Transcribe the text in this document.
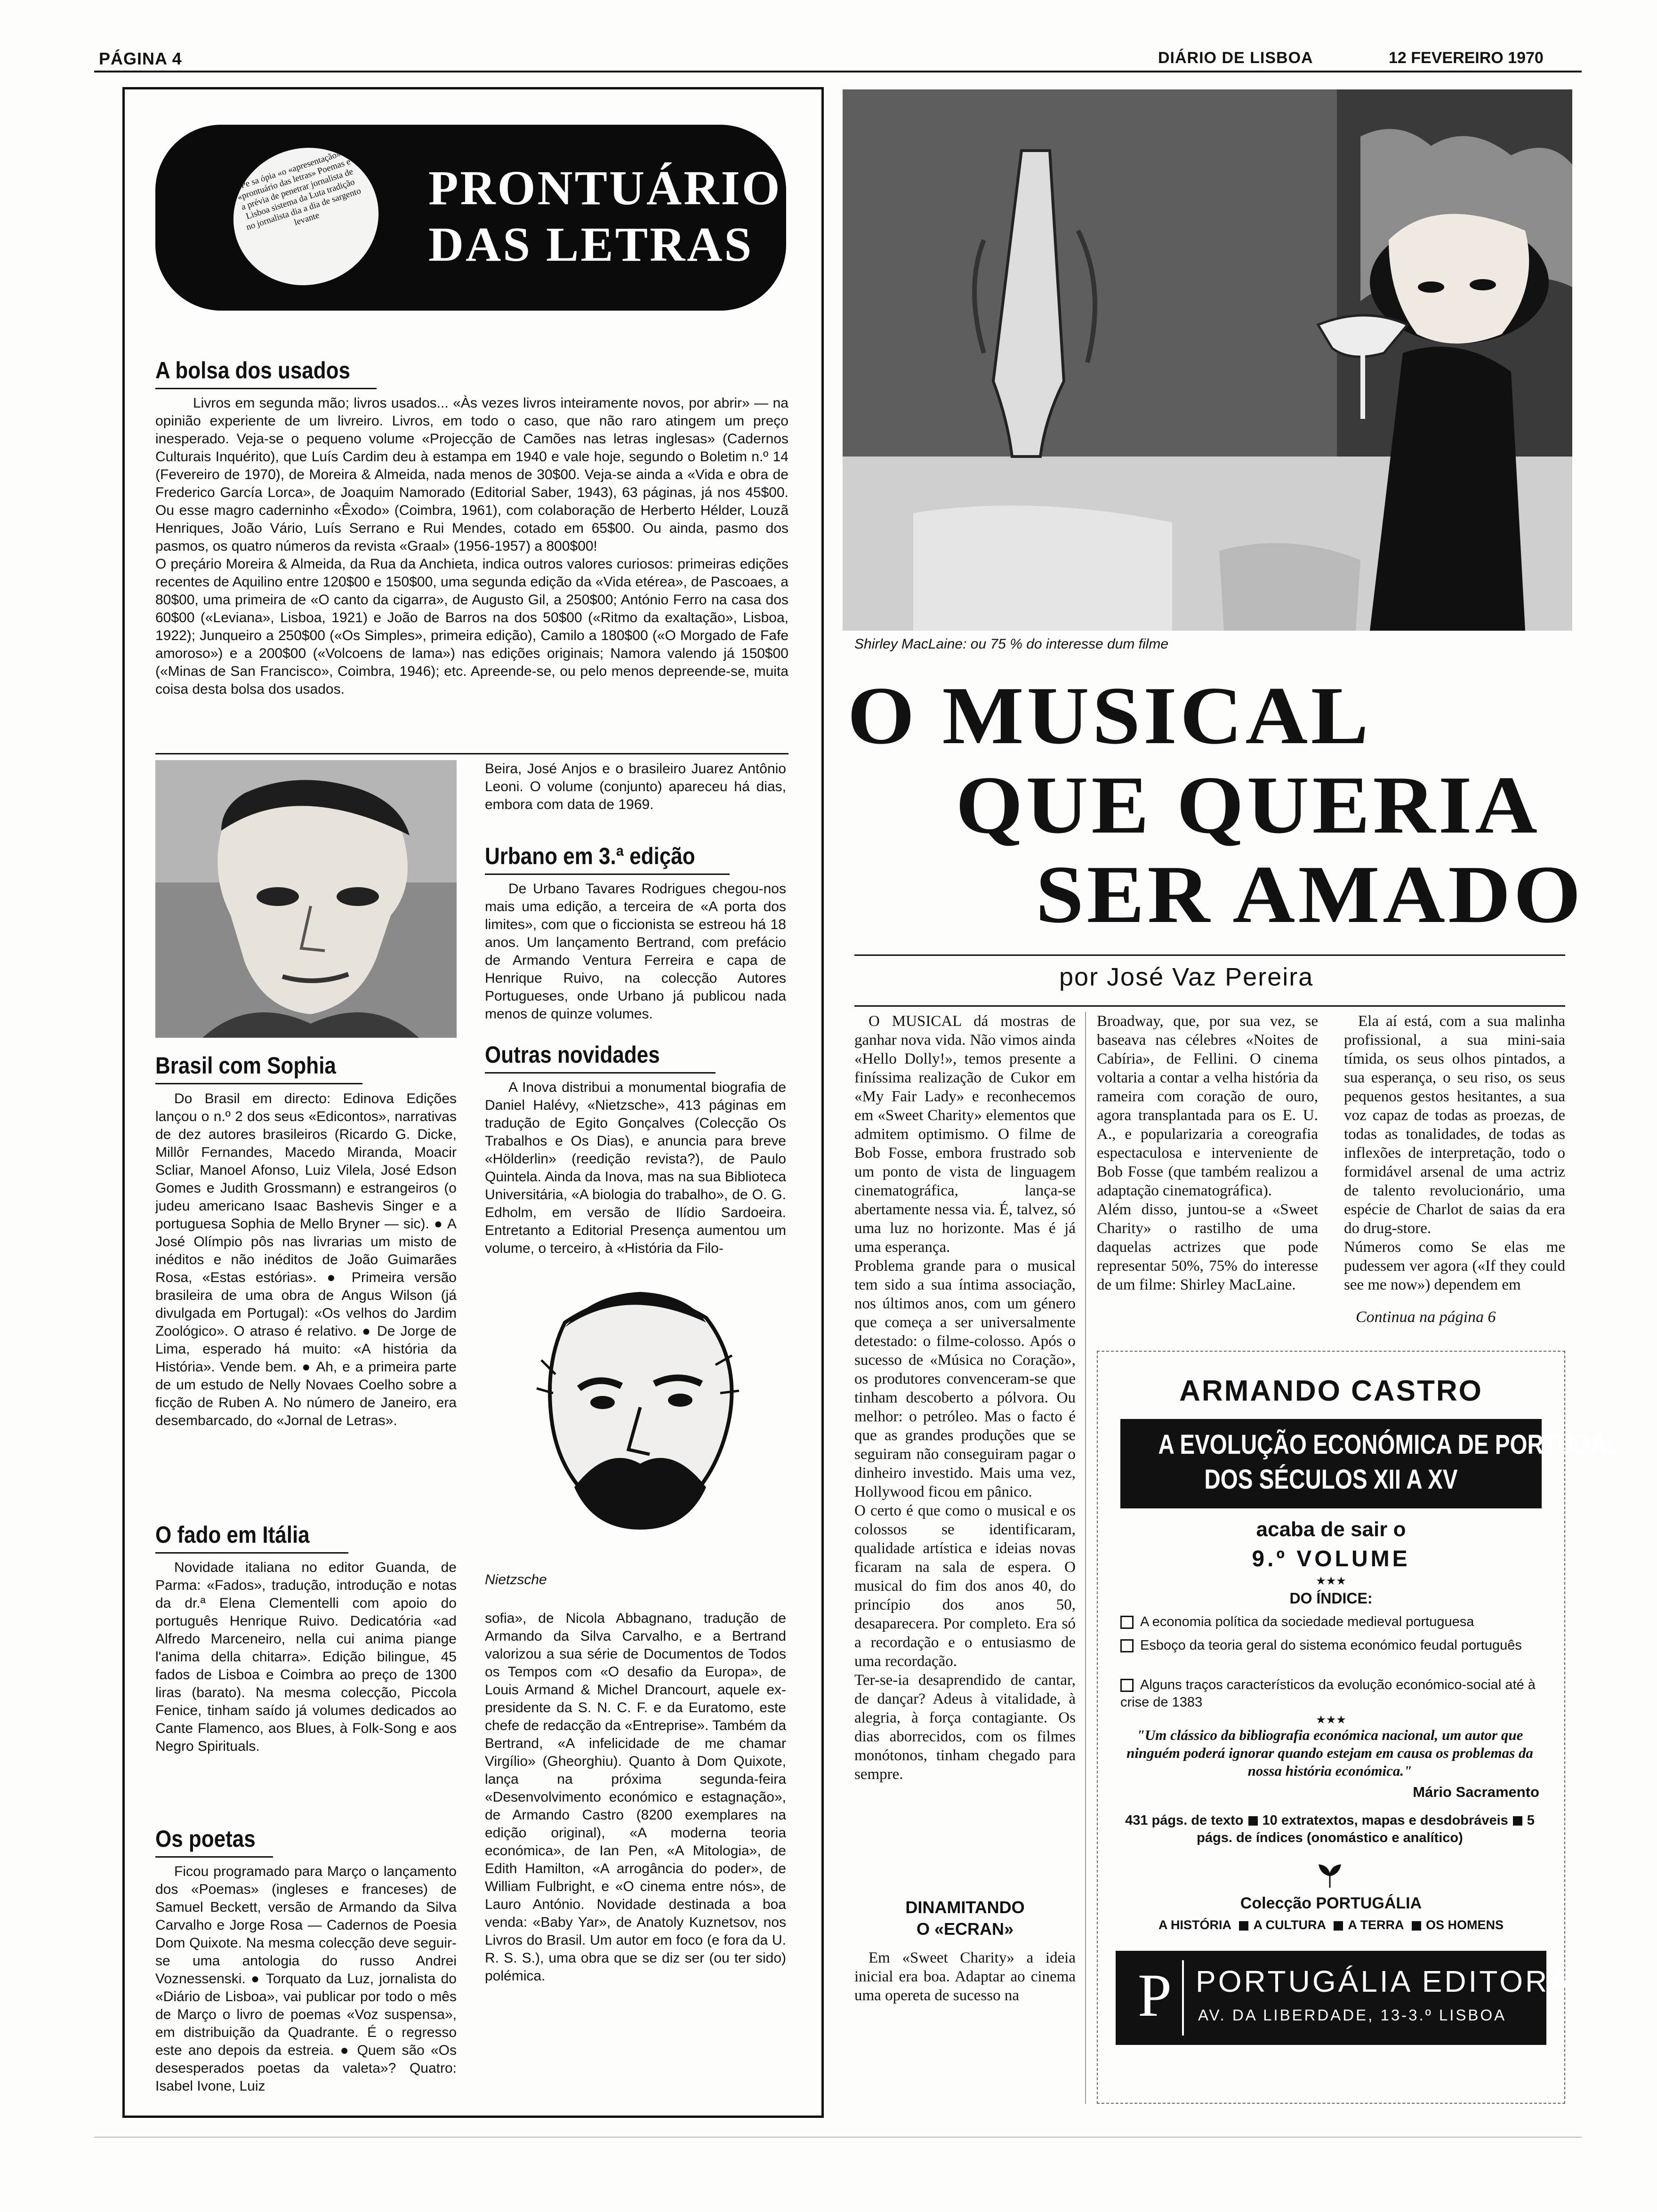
PÁGINA 4	DIÁRIO DE LISBOA	12 FEVEREIRO 1970
Pe sa ópia «o «apresentação» «prontuário das letras» Poemas e a prévia de penetrar jornalista de Lisboa sistema da Luta tradição no jornalista dia a dia de sargento levante
PRONTUÁRIO
DAS LETRAS
A bolsa dos usados
Livros em segunda mão; livros usados... «Às vezes livros inteiramente novos, por abrir» — na opinião experiente de um livreiro. Livros, em todo o caso, que não raro atingem um preço inesperado. Veja-se o pequeno volume «Projecção de Camões nas letras inglesas» (Cadernos Culturais Inquérito), que Luís Cardim deu à estampa em 1940 e vale hoje, segundo o Boletim n.º 14 (Fevereiro de 1970), de Moreira & Almeida, nada menos de 30$00. Veja-se ainda a «Vida e obra de Frederico García Lorca», de Joaquim Namorado (Editorial Saber, 1943), 63 páginas, já nos 45$00. Ou esse magro caderninho «Êxodo» (Coimbra, 1961), com colaboração de Herberto Hélder, Louzã Henriques, João Vário, Luís Serrano e Rui Mendes, cotado em 65$00. Ou ainda, pasmo dos pasmos, os quatro números da revista «Graal» (1956-1957) a 800$00!
O preçário Moreira & Almeida, da Rua da Anchieta, indica outros valores curiosos: primeiras edições recentes de Aquilino entre 120$00 e 150$00, uma segunda edição da «Vida etérea», de Pascoaes, a 80$00, uma primeira de «O canto da cigarra», de Augusto Gil, a 250$00; António Ferro na casa dos 60$00 («Leviana», Lisboa, 1921) e João de Barros na dos 50$00 («Ritmo da exaltação», Lisboa, 1922); Junqueiro a 250$00 («Os Simples», primeira edição), Camilo a 180$00 («O Morgado de Fafe amoroso») e a 200$00 («Volcoens de lama») nas edições originais; Namora valendo já 150$00 («Minas de San Francisco», Coimbra, 1946); etc. Apreende-se, ou pelo menos depreende-se, muita coisa desta bolsa dos usados.
Beira, José Anjos e o brasileiro Juarez Antônio Leoni. O volume (conjunto) apareceu há dias, embora com data de 1969.
Urbano em 3.ª edição
De Urbano Tavares Rodrigues chegou-nos mais uma edição, a terceira de «A porta dos limites», com que o ficcionista se estreou há 18 anos. Um lançamento Bertrand, com prefácio de Armando Ventura Ferreira e capa de Henrique Ruivo, na colecção Autores Portugueses, onde Urbano já publicou nada menos de quinze volumes.
Outras novidades
A Inova distribui a monumental biografia de Daniel Halévy, «Nietzsche», 413 páginas em tradução de Egito Gonçalves (Colecção Os Trabalhos e Os Dias), e anuncia para breve «Hölderlin» (reedição revista?), de Paulo Quintela. Ainda da Inova, mas na sua Biblioteca Universitária, «A biologia do trabalho», de O. G. Edholm, em versão de Ilídio Sardoeira. Entretanto a Editorial Presença aumentou um volume, o terceiro, à «História da Filo-
Nietzsche
sofia», de Nicola Abbagnano, tradução de Armando da Silva Carvalho, e a Bertrand valorizou a sua série de Documentos de Todos os Tempos com «O desafio da Europa», de Louis Armand & Michel Drancourt, aquele ex-presidente da S. N. C. F. e da Euratomo, este chefe de redacção da «Entreprise». Também da Bertrand, «A infelicidade de me chamar Virgílio» (Gheorghiu). Quanto à Dom Quixote, lança na próxima segunda-feira «Desenvolvimento económico e estagnação», de Armando Castro (8200 exemplares na edição original), «A moderna teoria económica», de Ian Pen, «A Mitologia», de Edith Hamilton, «A arrogância do poder», de William Fulbright, e «O cinema entre nós», de Lauro António. Novidade destinada a boa venda: «Baby Yar», de Anatoly Kuznetsov, nos Livros do Brasil. Um autor em foco (e fora da U. R. S. S.), uma obra que se diz ser (ou ter sido) polémica.
Brasil com Sophia
Do Brasil em directo: Edinova Edições lançou o n.º 2 dos seus «Edicontos», narrativas de dez autores brasileiros (Ricardo G. Dicke, Millôr Fernandes, Macedo Miranda, Moacir Scliar, Manoel Afonso, Luiz Vilela, José Edson Gomes e Judith Grossmann) e estrangeiros (o judeu americano Isaac Bashevis Singer e a portuguesa Sophia de Mello Bryner — sic). ● A José Olímpio pôs nas livrarias um misto de inéditos e não inéditos de João Guimarães Rosa, «Estas estórias». ● Primeira versão brasileira de uma obra de Angus Wilson (já divulgada em Portugal): «Os velhos do Jardim Zoológico». O atraso é relativo. ● De Jorge de Lima, esperado há muito: «A história da História». Vende bem. ● Ah, e a primeira parte de um estudo de Nelly Novaes Coelho sobre a ficção de Ruben A. No número de Janeiro, era desembarcado, do «Jornal de Letras».
O fado em Itália
Novidade italiana no editor Guanda, de Parma: «Fados», tradução, introdução e notas da dr.ª Elena Clementelli com apoio do português Henrique Ruivo. Dedicatória «ad Alfredo Marceneiro, nella cui anima piange l'anima della chitarra». Edição bilingue, 45 fados de Lisboa e Coimbra ao preço de 1300 liras (barato). Na mesma colecção, Piccola Fenice, tinham saído já volumes dedicados ao Cante Flamenco, aos Blues, à Folk-Song e aos Negro Spirituals.
Os poetas
Ficou programado para Março o lançamento dos «Poemas» (ingleses e franceses) de Samuel Beckett, versão de Armando da Silva Carvalho e Jorge Rosa — Cadernos de Poesia Dom Quixote. Na mesma colecção deve seguir-se uma antologia do russo Andrei Voznessenski. ● Torquato da Luz, jornalista do «Diário de Lisboa», vai publicar por todo o mês de Março o livro de poemas «Voz suspensa», em distribuição da Quadrante. É o regresso este ano depois da estreia. ● Quem são «Os desesperados poetas da valeta»? Quatro: Isabel Ivone, Luiz
Shirley MacLaine: ou 75 % do interesse dum filme
O MUSICAL
QUE QUERIA
SER AMADO
por José Vaz Pereira
O MUSICAL dá mostras de ganhar nova vida. Não vimos ainda «Hello Dolly!», temos presente a finíssima realização de Cukor em «My Fair Lady» e reconhecemos em «Sweet Charity» elementos que admitem optimismo. O filme de Bob Fosse, embora frustrado sob um ponto de vista de linguagem cinematográfica, lança-se abertamente nessa via. É, talvez, só uma luz no horizonte. Mas é já uma esperança.
Problema grande para o musical tem sido a sua íntima associação, nos últimos anos, com um género que começa a ser universalmente detestado: o filme-colosso. Após o sucesso de «Música no Coração», os produtores convenceram-se que tinham descoberto a pólvora. Ou melhor: o petróleo. Mas o facto é que as grandes produções que se seguiram não conseguiram pagar o dinheiro investido. Mais uma vez, Hollywood ficou em pânico.
O certo é que como o musical e os colossos se identificaram, qualidade artística e ideias novas ficaram na sala de espera. O musical do fim dos anos 40, do princípio dos anos 50, desaparecera. Por completo. Era só a recordação e o entusiasmo de uma recordação.
Ter-se-ia desaprendido de cantar, de dançar? Adeus à vitalidade, à alegria, à força contagiante. Os dias aborrecidos, com os filmes monótonos, tinham chegado para sempre.
DINAMITANDO
O «ECRAN»
Em «Sweet Charity» a ideia inicial era boa. Adaptar ao cinema uma opereta de sucesso na
Broadway, que, por sua vez, se baseava nas célebres «Noites de Cabíria», de Fellini. O cinema voltaria a contar a velha história da rameira com coração de ouro, agora transplantada para os E. U. A., e popularizaria a coreografia espectaculosa e interveniente de Bob Fosse (que também realizou a adaptação cinematográfica).
Além disso, juntou-se a «Sweet Charity» o rastilho de uma daquelas actrizes que pode representar 50%, 75% do interesse de um filme: Shirley MacLaine.
Ela aí está, com a sua malinha profissional, a sua mini-saia tímida, os seus olhos pintados, a sua esperança, o seu riso, os seus pequenos gestos hesitantes, a sua voz capaz de todas as proezas, de todas as tonalidades, de todas as inflexões de interpretação, todo o formidável arsenal de uma actriz de talento revolucionário, uma espécie de Charlot de saias da era do drug-store.
Números como Se elas me pudessem ver agora («If they could see me now») dependem em
Continua na página 6
ARMANDO CASTRO
A EVOLUÇÃO ECONÓMICA DE PORTUGAL
DOS SÉCULOS XII A XV
acaba de sair o
9.º VOLUME
★★★
DO ÍNDICE:
A economia política da sociedade medieval portuguesa
Esboço da teoria geral do sistema económico feudal português
Alguns traços característicos da evolução económico-social até à crise de 1383
★★★
"Um clássico da bibliografia económica nacional, um autor que ninguém poderá ignorar quando estejam em causa os problemas da nossa história económica."
Mário Sacramento
431 págs. de texto 10 extratextos, mapas e desdobráveis 5 págs. de índices (onomástico e analítico)
Colecção PORTUGÁLIA
A HISTÓRIA A CULTURA A TERRA OS HOMENS
P PORTUGÁLIA EDITORA
AV. DA LIBERDADE, 13-3.º LISBOA
